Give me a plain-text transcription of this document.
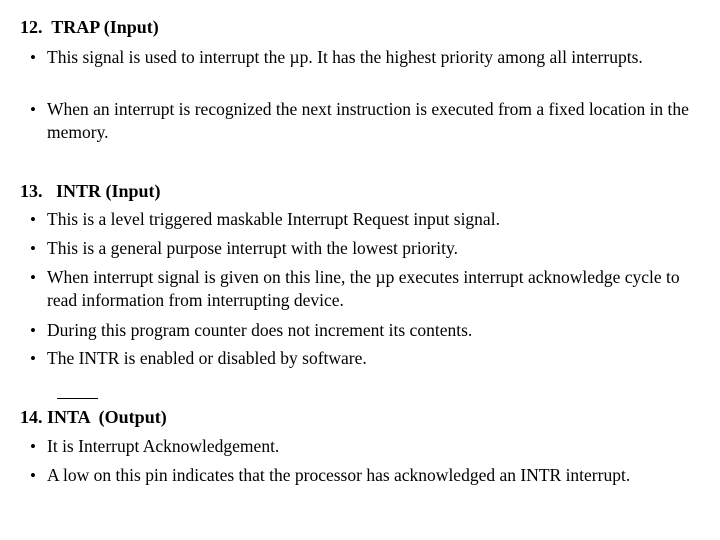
12. TRAP (Input)
• This signal is used to interrupt the µp. It has the highest priority among all interrupts.
• When an interrupt is recognized the next instruction is executed from a fixed location in the memory.
13. INTR (Input)
• This is a level triggered maskable Interrupt Request input signal.
• This is a general purpose interrupt with the lowest priority.
• When interrupt signal is given on this line, the µp executes interrupt acknowledge cycle to read information from interrupting device.
• During this program counter does not increment its contents.
• The INTR is enabled or disabled by software.
14. INTA  (Output)
• It is Interrupt Acknowledgement.
• A low on this pin indicates that the processor has acknowledged an INTR interrupt.
